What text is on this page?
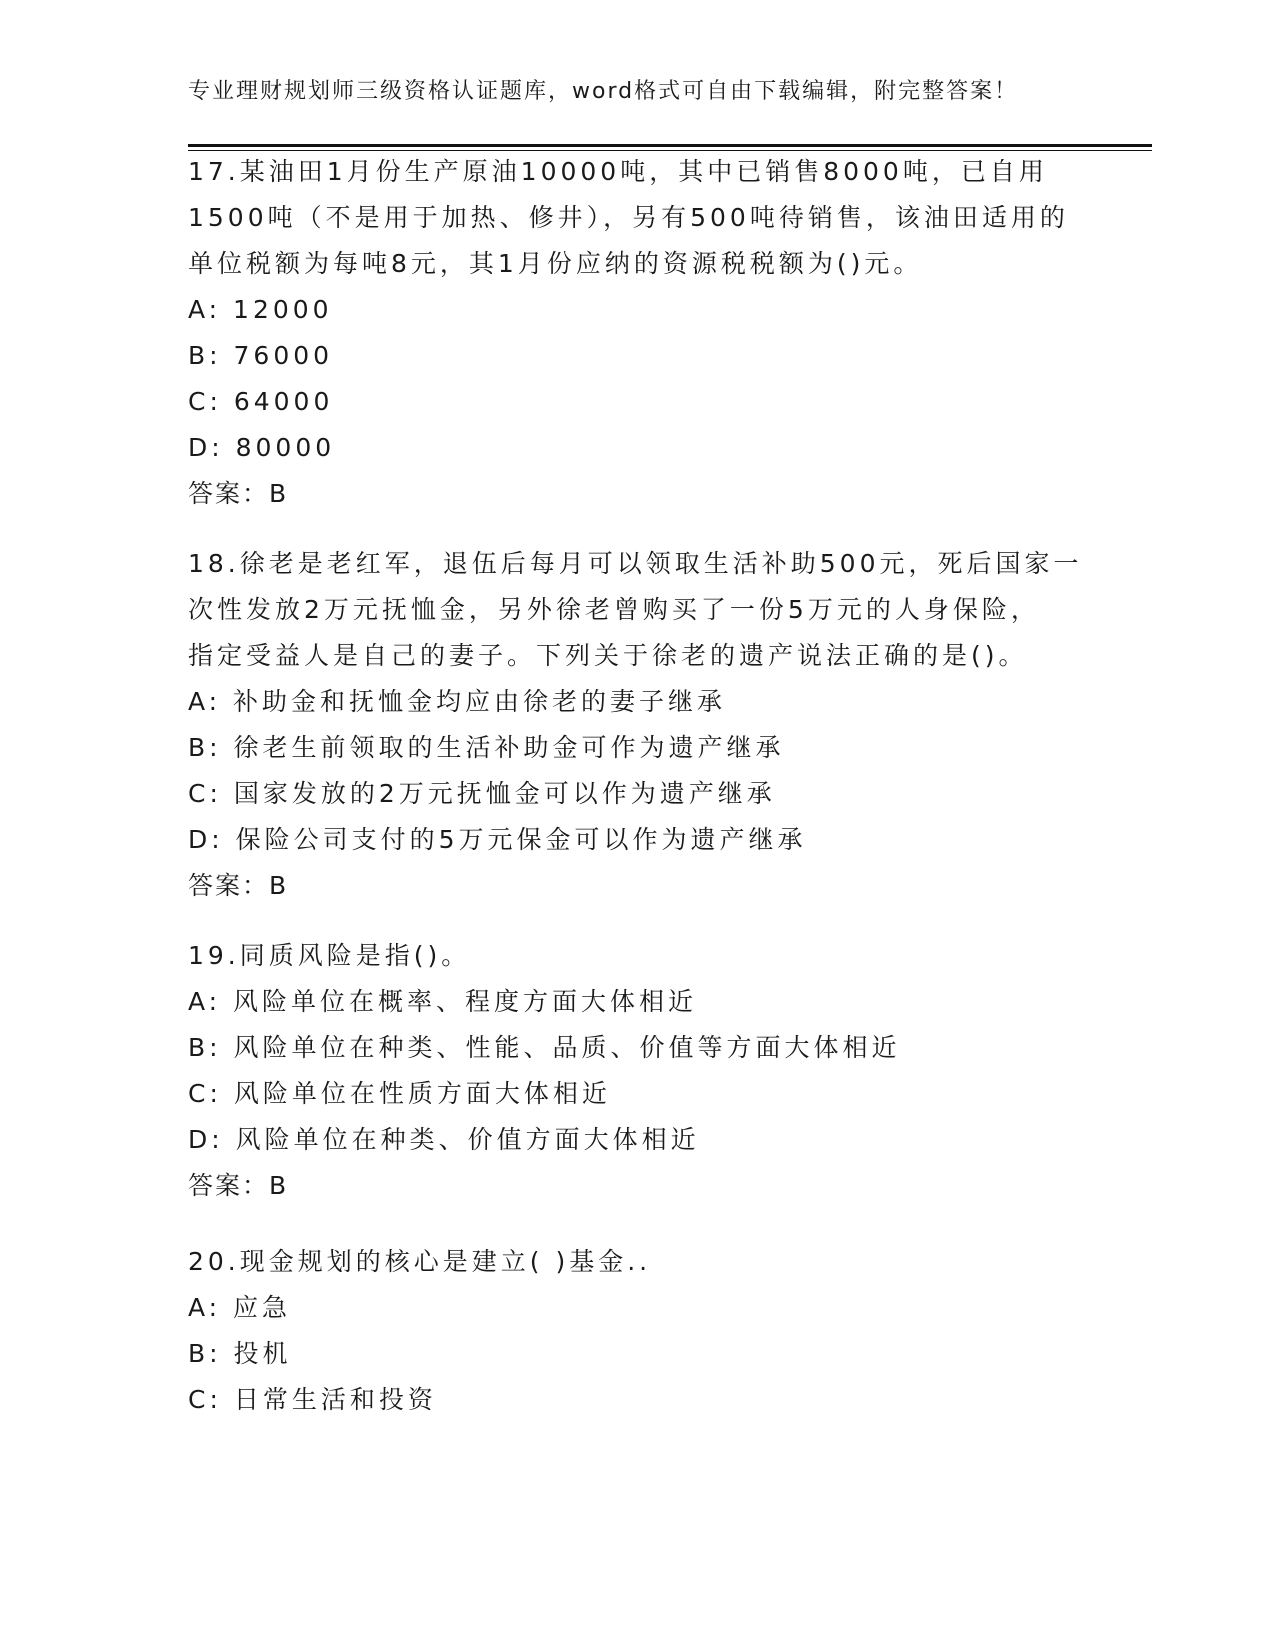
专业理财规划师三级资格认证题库，word格式可自由下载编辑，附完整答案！
17.某油田1月份生产原油10000吨，其中已销售8000吨，已自用
1500吨（不是用于加热、修井），另有500吨待销售，该油田适用的
单位税额为每吨8元，其1月份应纳的资源税税额为()元。
A: 12000
B: 76000
C: 64000
D: 80000
答案：B
18.徐老是老红军，退伍后每月可以领取生活补助500元，死后国家一
次性发放2万元抚恤金，另外徐老曾购买了一份5万元的人身保险，
指定受益人是自己的妻子。下列关于徐老的遗产说法正确的是()。
A: 补助金和抚恤金均应由徐老的妻子继承
B: 徐老生前领取的生活补助金可作为遗产继承
C: 国家发放的2万元抚恤金可以作为遗产继承
D: 保险公司支付的5万元保金可以作为遗产继承
答案：B
19.同质风险是指()。
A: 风险单位在概率、程度方面大体相近
B: 风险单位在种类、性能、品质、价值等方面大体相近
C: 风险单位在性质方面大体相近
D: 风险单位在种类、价值方面大体相近
答案：B
20.现金规划的核心是建立( )基金..
A: 应急
B: 投机
C: 日常生活和投资
